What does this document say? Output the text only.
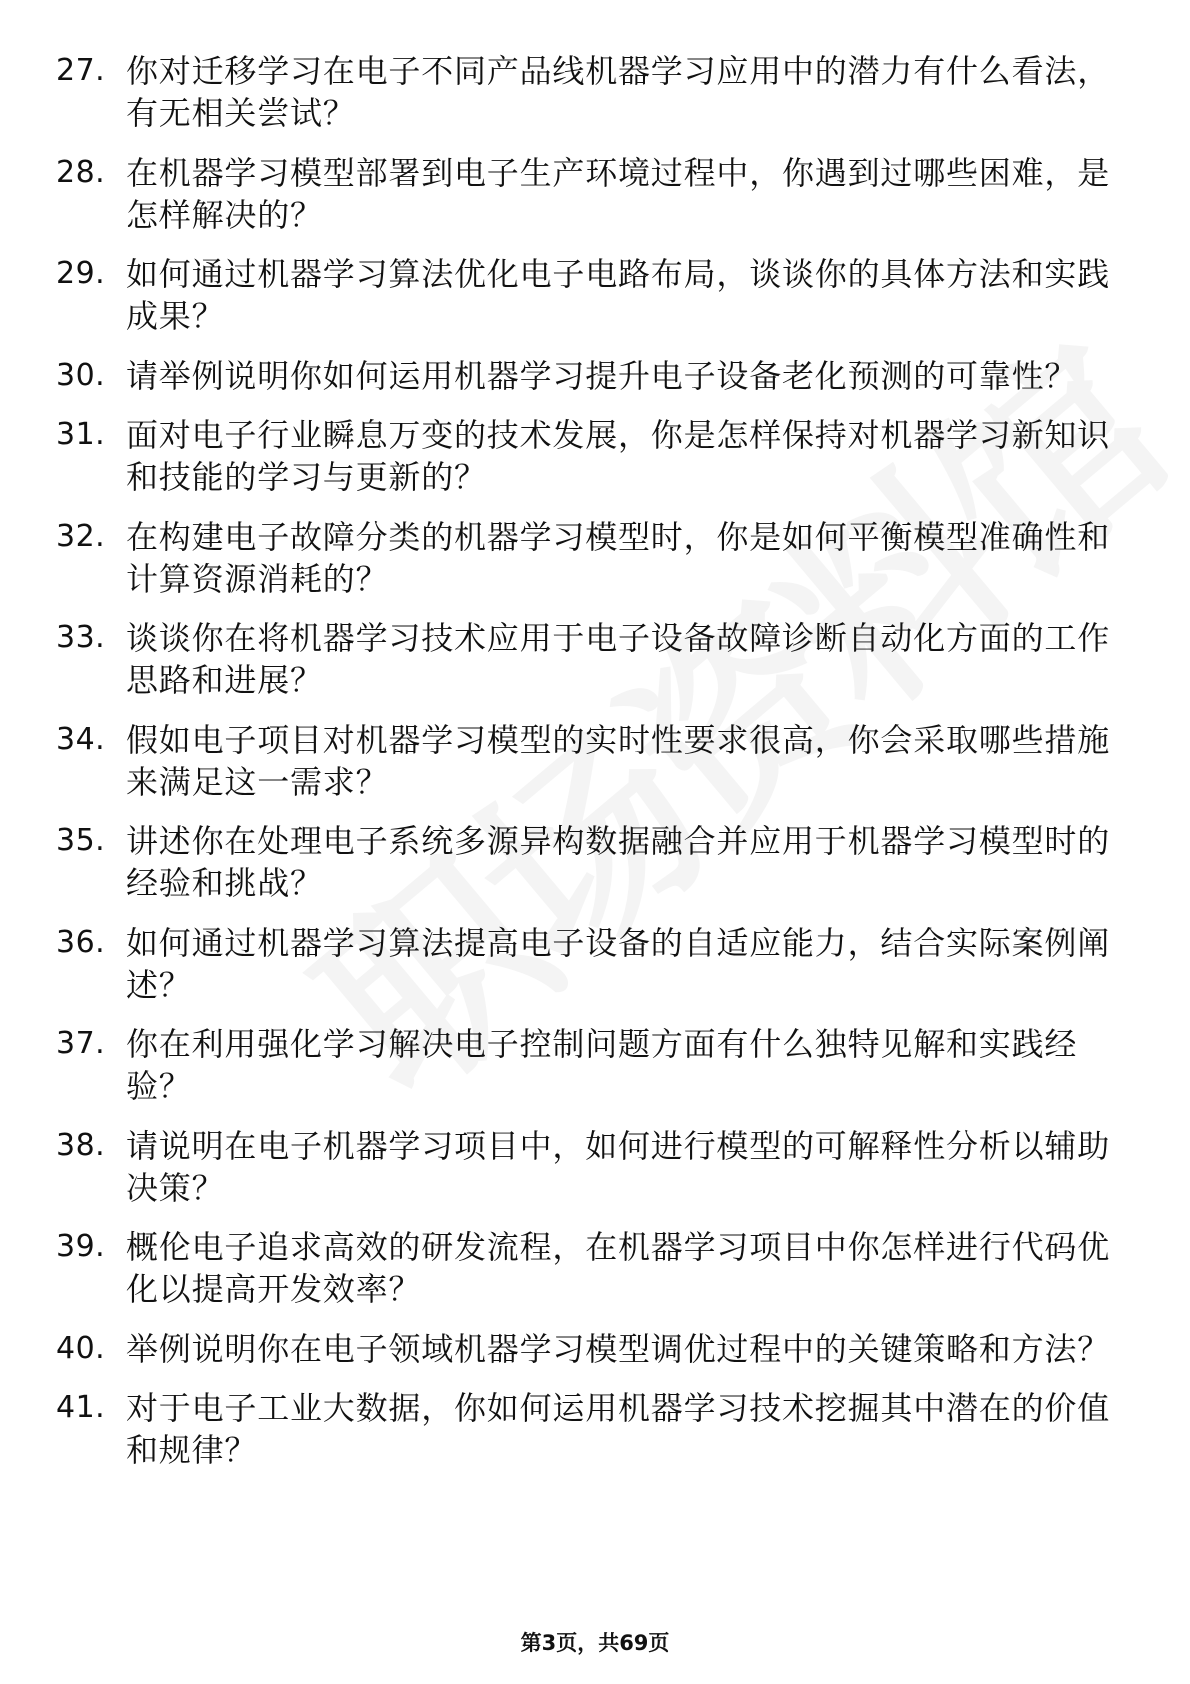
27. 你对迁移学习在电子不同产品线机器学习应用中的潜力有什么看法，有无相关尝试？
28. 在机器学习模型部署到电子生产环境过程中，你遇到过哪些困难，是怎样解决的？
29. 如何通过机器学习算法优化电子电路布局，谈谈你的具体方法和实践成果？
30. 请举例说明你如何运用机器学习提升电子设备老化预测的可靠性？
31. 面对电子行业瞬息万变的技术发展，你是怎样保持对机器学习新知识和技能的学习与更新的？
32. 在构建电子故障分类的机器学习模型时，你是如何平衡模型准确性和计算资源消耗的？
33. 谈谈你在将机器学习技术应用于电子设备故障诊断自动化方面的工作思路和进展？
34. 假如电子项目对机器学习模型的实时性要求很高，你会采取哪些措施来满足这一需求？
35. 讲述你在处理电子系统多源异构数据融合并应用于机器学习模型时的经验和挑战？
36. 如何通过机器学习算法提高电子设备的自适应能力，结合实际案例阐述？
37. 你在利用强化学习解决电子控制问题方面有什么独特见解和实践经验？
38. 请说明在电子机器学习项目中，如何进行模型的可解释性分析以辅助决策？
39. 概伦电子追求高效的研发流程，在机器学习项目中你怎样进行代码优化以提高开发效率？
40. 举例说明你在电子领域机器学习模型调优过程中的关键策略和方法？
41. 对于电子工业大数据，你如何运用机器学习技术挖掘其中潜在的价值和规律？
第3页，共69页
